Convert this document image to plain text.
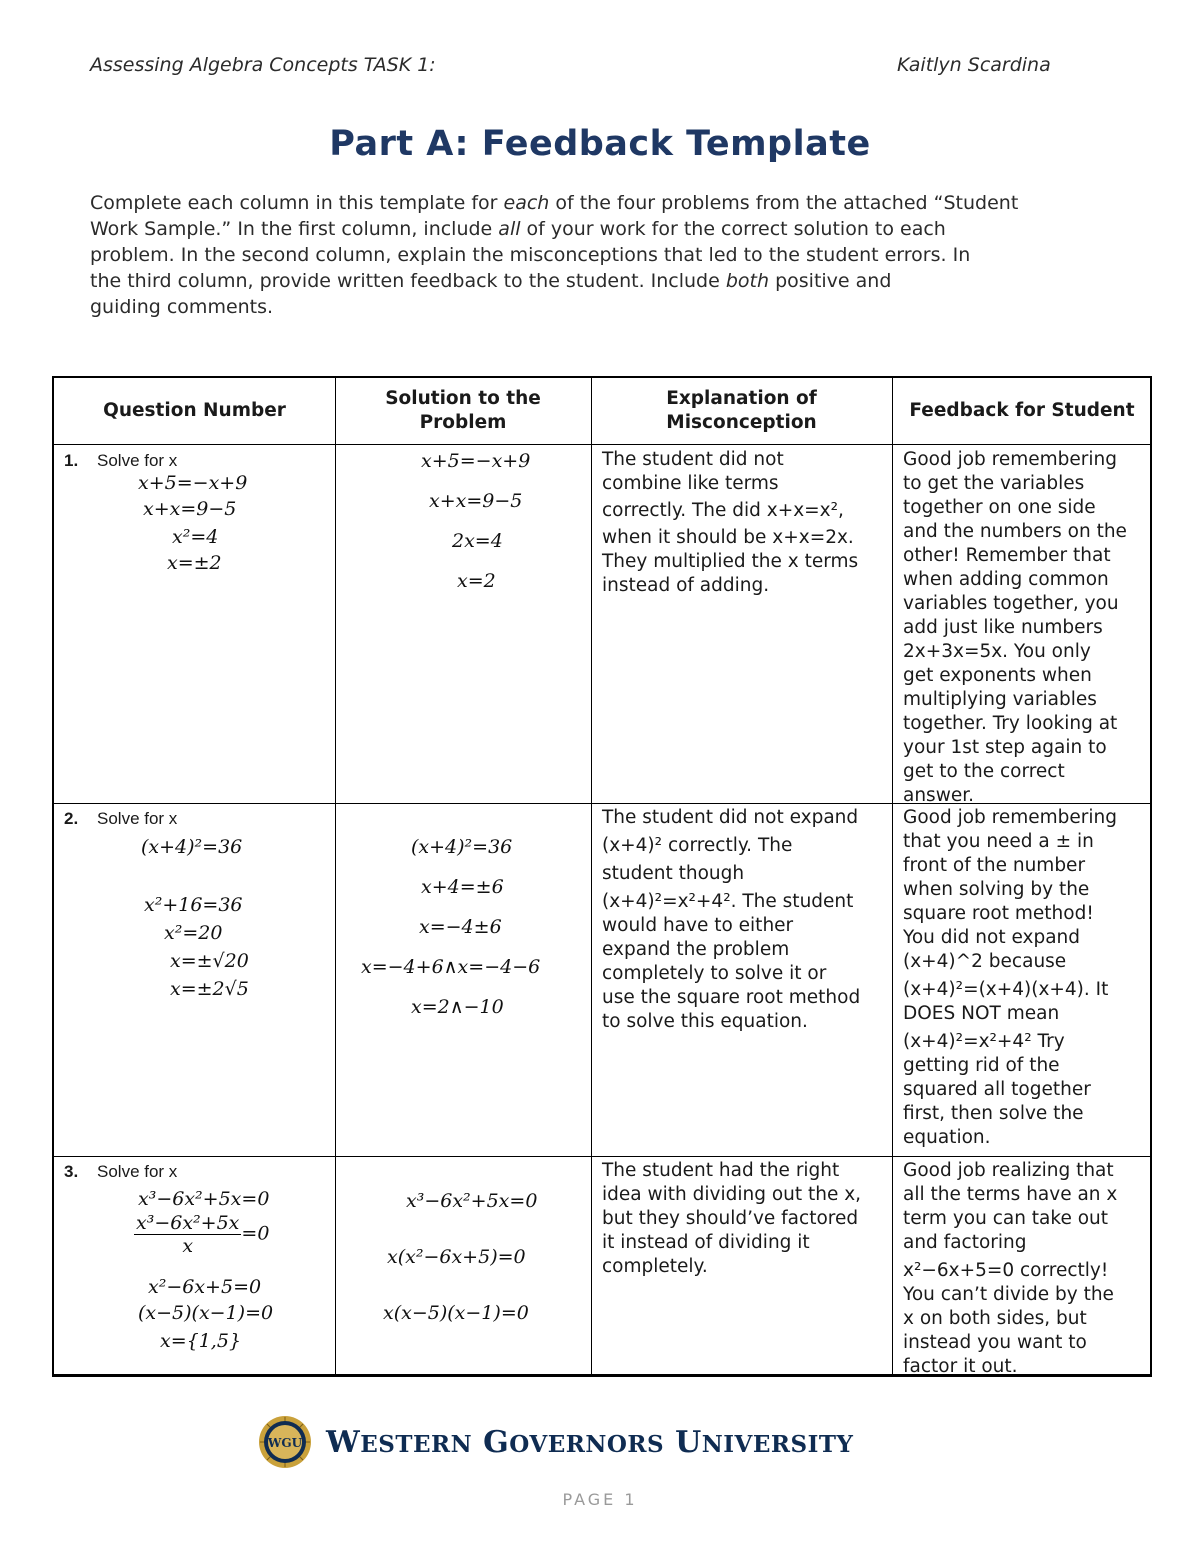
Assessing Algebra Concepts TASK 1:	Kaitlyn Scardina
Part A: Feedback Template
Complete each column in this template for each of the four problems from the attached “Student
Work Sample.” In the first column, include all of your work for the correct solution to each
problem. In the second column, explain the misconceptions that led to the student errors. In
the third column, provide written feedback to the student. Include both positive and
guiding comments.
Question Number
Solution to the Problem
Explanation of Misconception
Feedback for Student
1. Solve for x
x+5=−x+9
x+x=9−5
x²=4
x=±2
x+5=−x+9
x+x=9−5
2x=4
x=2
The student did not
combine like terms
correctly. The did x+x=x²,
when it should be x+x=2x.
They multiplied the x terms
instead of adding.
Good job remembering
to get the variables
together on one side
and the numbers on the
other! Remember that
when adding common
variables together, you
add just like numbers
2x+3x=5x. You only
get exponents when
multiplying variables
together. Try looking at
your 1st step again to
get to the correct
answer.
2. Solve for x
(x+4)²=36
x²+16=36
x²=20
x=±√20
x=±2√5
(x+4)²=36
x+4=±6
x=−4±6
x=−4+6∧x=−4−6
x=2∧−10
The student did not expand
(x+4)² correctly. The
student though
(x+4)²=x²+4². The student
would have to either
expand the problem
completely to solve it or
use the square root method
to solve this equation.
Good job remembering
that you need a ± in
front of the number
when solving by the
square root method!
You did not expand
(x+4)^2 because
(x+4)²=(x+4)(x+4). It
DOES NOT mean
(x+4)²=x²+4² Try
getting rid of the
squared all together
first, then solve the
equation.
3. Solve for x
x³−6x²+5x=0
$\frac{\text{x³−6x²+5x}}{x} =0$
x²−6x+5=0
(x−5)(x−1)=0
x={1,5}
x³−6x²+5x=0
x(x²−6x+5)=0
x(x−5)(x−1)=0
The student had the right
idea with dividing out the x,
but they should’ve factored
it instead of dividing it
completely.
Good job realizing that
all the terms have an x
term you can take out
and factoring
x²−6x+5=0 correctly!
You can’t divide by the
x on both sides, but
instead you want to
factor it out.
WGU WESTERN GOVERNORS UNIVERSITY
PAGE 1
